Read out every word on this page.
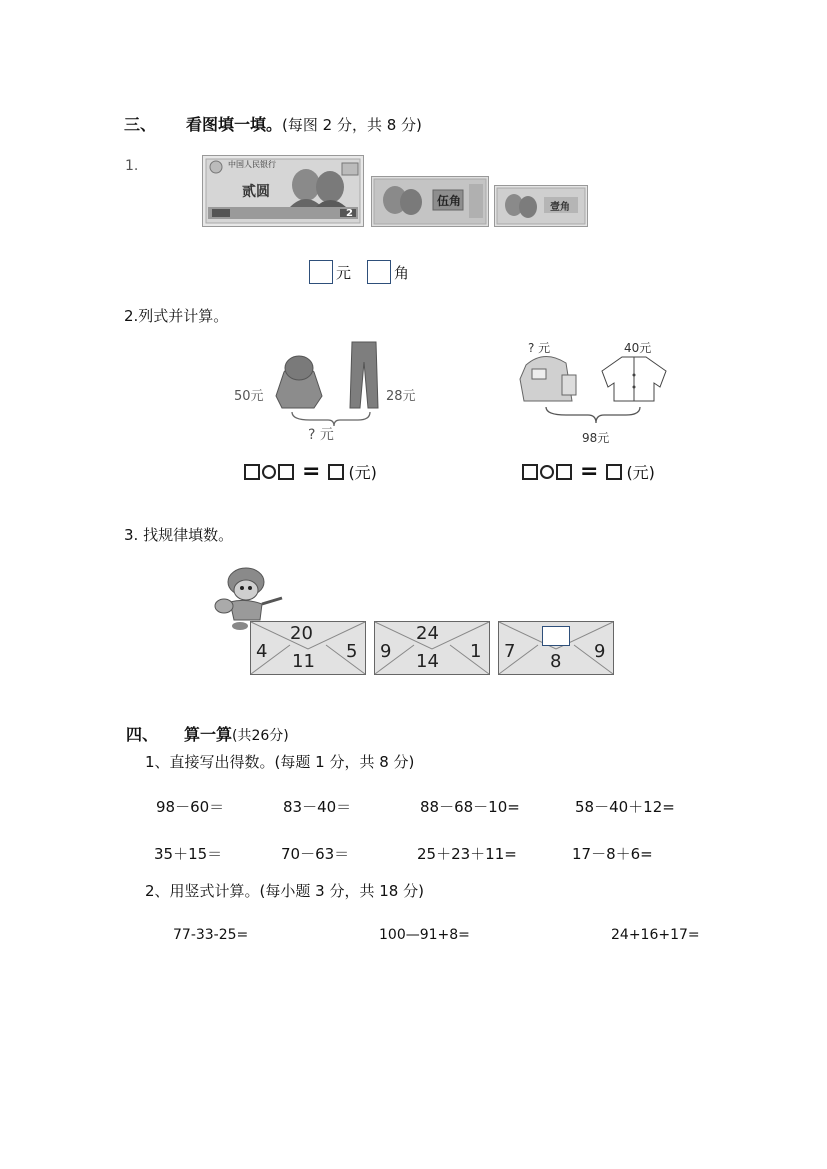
三、 看图填一填。(每图 2 分，共 8 分)
1.	中国人民银行
贰圆
2
伍角	壹角
元	角
2.列式并计算。
50元	28元
? 元
= (元)
? 元	40元
98元
= (元)
3. 找规律填数。
20
4	5
11
24
9	1
14	7	9
8
四、 算一算(共26分)
1、直接写出得数。(每题 1 分，共 8 分)
98－60＝	83－40＝	88－68－10=	58－40＋12=
35＋15＝	70－63＝	25＋23＋11=	17－8＋6=
2、用竖式计算。(每小题 3 分，共 18 分)
77-33-25=	100—91+8=	24+16+17=
